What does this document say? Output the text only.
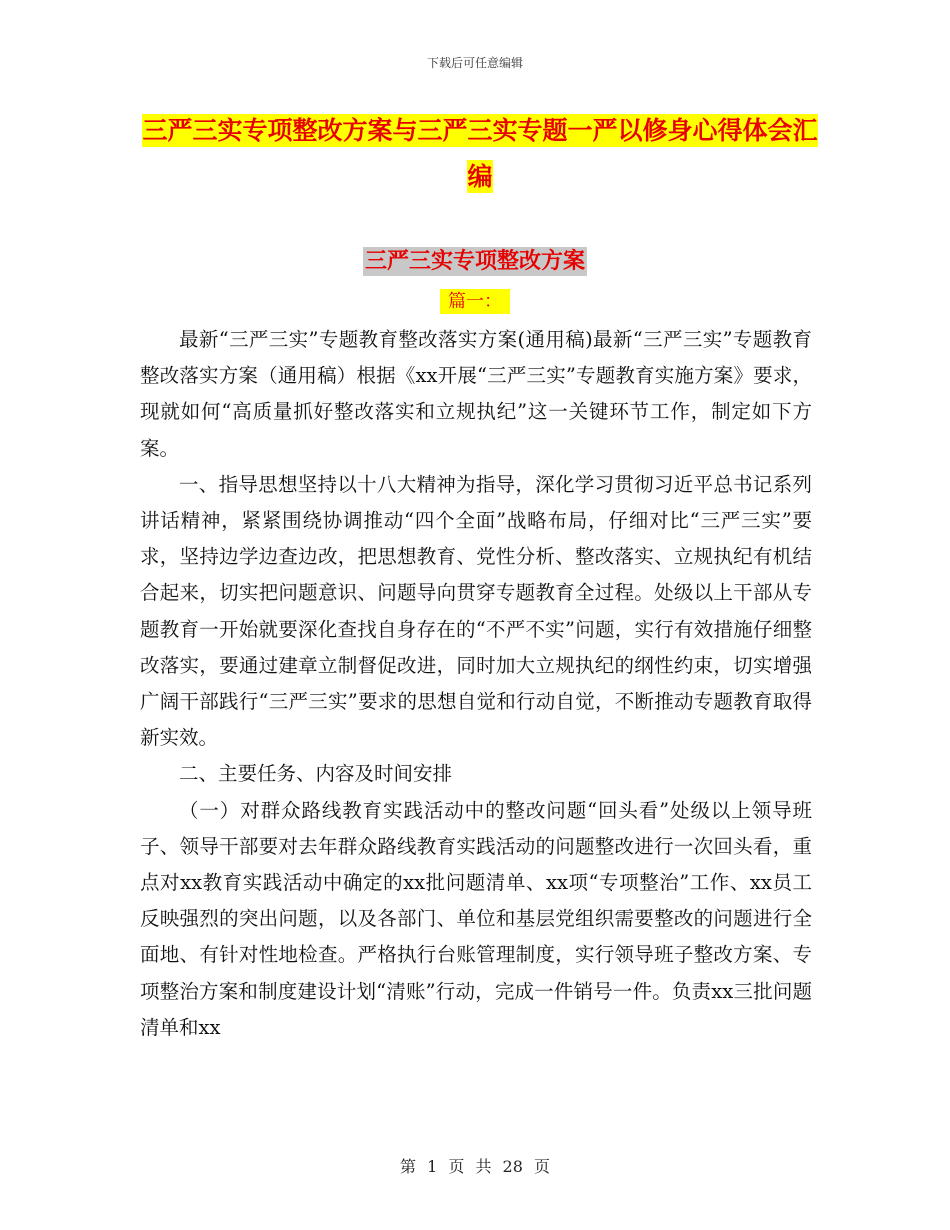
下载后可任意编辑
三严三实专项整改方案与三严三实专题一严以修身心得体会汇编
三严三实专项整改方案
篇一：

最新“三严三实”专题教育整改落实方案(通用稿)最新“三严三实”专题教育整改落实方案（通用稿）根据《xx开展“三严三实”专题教育实施方案》要求，现就如何“高质量抓好整改落实和立规执纪”这一关键环节工作，制定如下方案。

一、指导思想坚持以十八大精神为指导，深化学习贯彻习近平总书记系列讲话精神，紧紧围绕协调推动“四个全面”战略布局，仔细对比“三严三实”要求，坚持边学边查边改，把思想教育、党性分析、整改落实、立规执纪有机结合起来，切实把问题意识、问题导向贯穿专题教育全过程。处级以上干部从专题教育一开始就要深化查找自身存在的“不严不实”问题，实行有效措施仔细整改落实，要通过建章立制督促改进，同时加大立规执纪的纲性约束，切实增强广阔干部践行“三严三实”要求的思想自觉和行动自觉，不断推动专题教育取得新实效。

二、主要任务、内容及时间安排

（一）对群众路线教育实践活动中的整改问题“回头看”处级以上领导班子、领导干部要对去年群众路线教育实践活动的问题整改进行一次回头看，重点对xx教育实践活动中确定的xx批问题清单、xx项“专项整治”工作、xx员工反映强烈的突出问题，以及各部门、单位和基层党组织需要整改的问题进行全面地、有针对性地检查。严格执行台账管理制度，实行领导班子整改方案、专项整治方案和制度建设计划“清账”行动，完成一件销号一件。负责xx三批问题清单和xx

第 1 页 共 28 页
